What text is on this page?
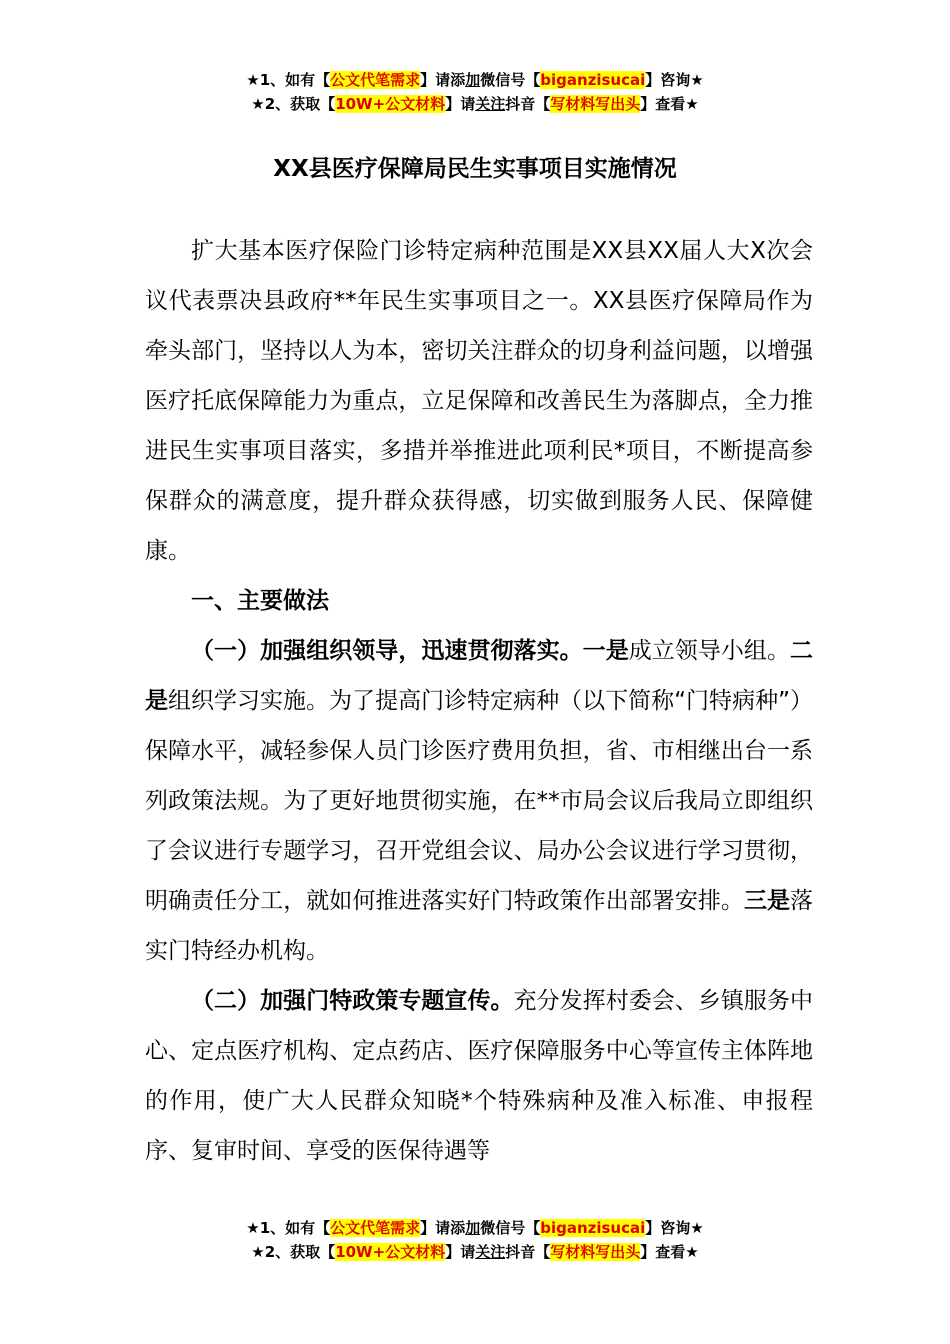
★1、如有【公文代笔需求】请添加微信号【biganzisucai】咨询★
★2、获取【10W+公文材料】请关注抖音【写材料写出头】查看★
XX县医疗保障局民生实事项目实施情况

扩大基本医疗保险门诊特定病种范围是XX县XX届人大X次会议代表票决县政府**年民生实事项目之一。XX县医疗保障局作为牵头部门，坚持以人为本，密切关注群众的切身利益问题，以增强医疗托底保障能力为重点，立足保障和改善民生为落脚点，全力推进民生实事项目落实，多措并举推进此项利民*项目，不断提高参保群众的满意度，提升群众获得感，切实做到服务人民、保障健康。

一、主要做法

（一）加强组织领导，迅速贯彻落实。一是成立领导小组。二是组织学习实施。为了提高门诊特定病种（以下简称“门特病种”）保障水平，减轻参保人员门诊医疗费用负担，省、市相继出台一系列政策法规。为了更好地贯彻实施，在**市局会议后我局立即组织了会议进行专题学习，召开党组会议、局办公会议进行学习贯彻，明确责任分工，就如何推进落实好门特政策作出部署安排。三是落实门特经办机构。

（二）加强门特政策专题宣传。充分发挥村委会、乡镇服务中心、定点医疗机构、定点药店、医疗保障服务中心等宣传主体阵地的作用，使广大人民群众知晓*个特殊病种及准入标准、申报程序、复审时间、享受的医保待遇等

★1、如有【公文代笔需求】请添加微信号【biganzisucai】咨询★
★2、获取【10W+公文材料】请关注抖音【写材料写出头】查看★
